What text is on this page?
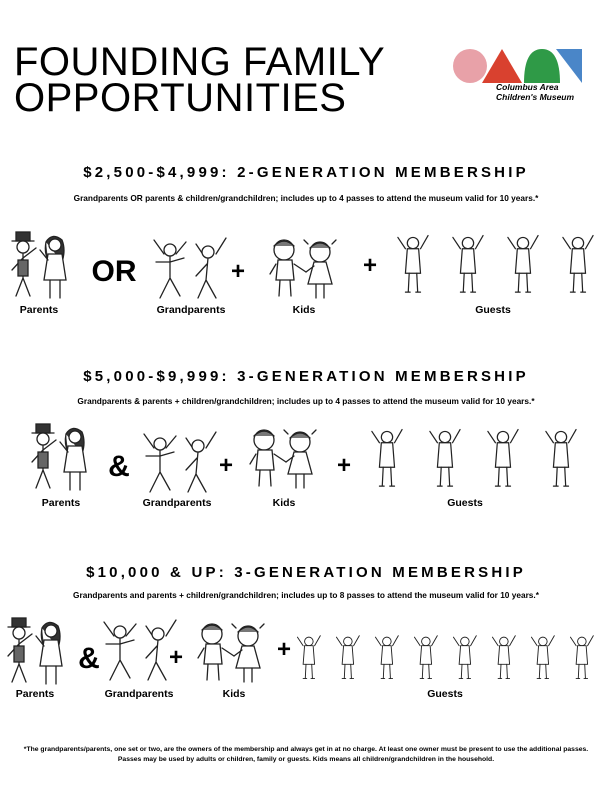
FOUNDING FAMILY
OPPORTUNITIES	Columbus Area
Children's Museum
$2,500-$4,999: 2-GENERATION MEMBERSHIP
Grandparents OR parents & children/grandchildren; includes up to 4 passes to attend the museum valid for 10 years.*
OR	+	+
Parents	Grandparents	Kids	Guests
$5,000-$9,999: 3-GENERATION MEMBERSHIP
Grandparents & parents + children/grandchildren; includes up to 4 passes to attend the museum valid for 10 years.*
&	+	+
Parents	Grandparents	Kids	Guests
$10,000 & UP: 3-GENERATION MEMBERSHIP
Grandparents and parents + children/grandchildren; includes up to 8 passes to attend the museum valid for 10 years.*
&	+	+
Parents	Grandparents	Kids	Guests
*The grandparents/parents, one set or two, are the owners of the membership and always get in at no charge. At least one owner must be present to use the additional passes. Passes may be used by adults or children, family or guests. Kids means all children/grandchildren in the household.
